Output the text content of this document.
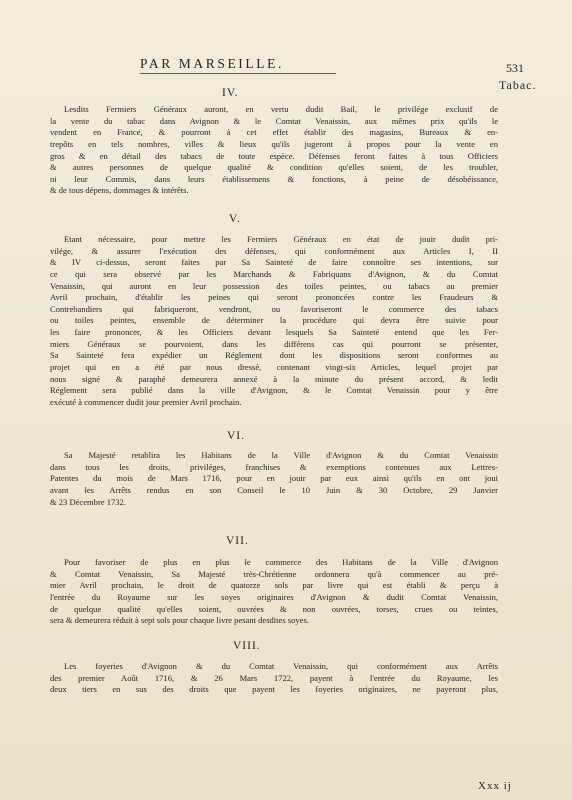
PAR MARSEILLE.	531
Tabac.
IV.
Lesdits Fermiers Généraux auront, en vertu dudit Bail, le privilége exclusif de
la vente du tabac dans Avignon & le Comtat Venaissin, aux mêmes prix qu'ils le
vendent en France, & pourront à cet effet établir des magasins, Bureaux & en-
trepôts en tels nombres, villes & lieux qu'ils jugeront à propos pour la vente en
gros & en détail des tabacs de toute espèce. Défenses feront faites à tous Officiers
& autres personnes de quelque qualité & condition qu'elles soient, de les troubler,
ni leur Commis, dans leurs établissemens & fonctions, à peine de désobéissance,
& de tous dépens, dommages & intérêts.
V.
Etant nécessaire, pour mettre les Fermiers Généraux en état de jouir dudit pri-
vilége, & assurer l'exécution des défenses, qui conformément aux Articles I, II
& IV ci-dessus, seront faites par Sa Sainteté de faire connoître ses intentions, sur
ce qui sera observé par les Marchands & Fabriquans d'Avignon, & du Comtat
Venaissin, qui auront en leur possession des toiles peintes, ou tabacs au premier
Avril prochain, d'établir les peines qui seront prononcées contre les Fraudeurs &
Contrebandiers qui fabriqueront, vendront, ou favoriseront le commerce des tabacs
ou toiles peintes, ensemble de déterminer la procédure qui devra être suivie pour
les faire prononcer, & les Officiers devant lesquels Sa Sainteté entend que les Fer-
miers Généraux se pourvoient, dans les différens cas qui pourront se présenter,
Sa Sainteté fera expédier un Réglement dont les dispositions seront conformes au
projet qui en a été par nous dressé, contenant vingt-six Articles, lequel projet par
nous signé & paraphé demeurera annexé à la minute du présent accord, & ledit
Réglement sera publié dans la ville d'Avignon, & le Comtat Venaissin pour y être
exécuté à commencer dudit jour premier Avril prochain.
VI.
Sa Majesté retablira les Habitans de la Ville d'Avignon & du Comtat Venaissin
dans tous les droits, priviléges, franchises & exemptions contenues aux Lettres-
Patentes du mois de Mars 1716, pour en jouir par eux ainsi qu'ils en ont joui
avant les Arrêts rendus en son Conseil le 10 Juin & 30 Octobre, 29 Janvier
& 23 Décembre 1732.
VII.
Pour favoriser de plus en plus le commerce des Habitans de la Ville d'Avignon
& Comtat Venaissin, Sa Majesté très-Chrétienne ordonnera qu'à commencer au pré-
mier Avril prochain, le droit de quatorze sols par livre qui est établi & perçu à
l'entrée du Royaume sur les soyes originaires d'Avignon & dudit Comtat Venaissin,
de quelque qualité qu'elles soient, ouvrées & non ouvrées, torses, crues ou teintes,
sera & demeurera réduit à sept sols pour chaque livre pesant desdites soyes.
VIII.
Les foyeries d'Avignon & du Comtat Venaissin, qui conformément aux Arrêts
des premier Août 1716, & 26 Mars 1722, payent à l'entrée du Royaume, les
deux tiers en sus des droits que payent les foyeries originaires, ne payeront plus,
Xxx ij
